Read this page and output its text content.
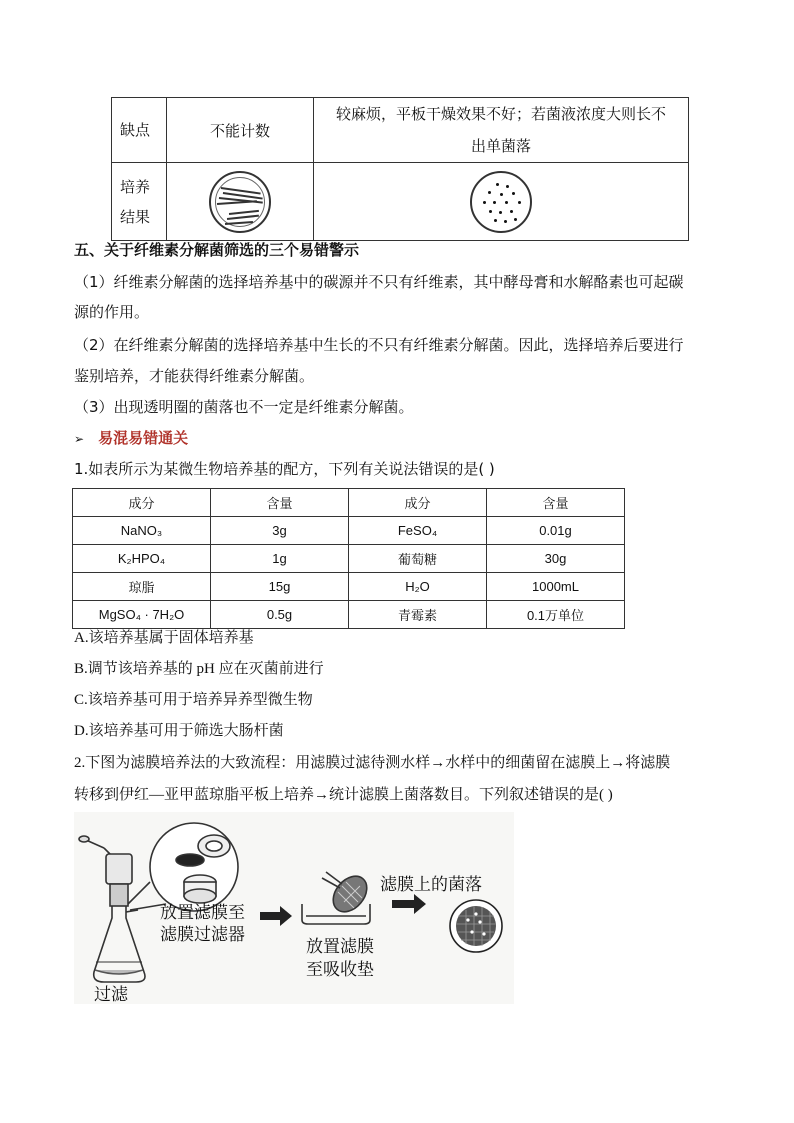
缺点	不能计数	较麻烦，平板干燥效果不好；若菌液浓度大则长不
出单菌落

培养
结果		

五、关于纤维素分解菌筛选的三个易错警示
（1）纤维素分解菌的选择培养基中的碳源并不只有纤维素，其中酵母膏和水解酪素也可起碳
源的作用。
（2）在纤维素分解菌的选择培养基中生长的不只有纤维素分解菌。因此，选择培养后要进行
鉴别培养，才能获得纤维素分解菌。
（3）出现透明圈的菌落也不一定是纤维素分解菌。
➢ 易混易错通关
1.如表所示为某微生物培养基的配方，下列有关说法错误的是( )
成分	含量	成分	含量
NaNO₃	3g	FeSO₄	0.01g
K₂HPO₄	1g	葡萄糖	30g
琼脂	15g	H₂O	1000mL
MgSO₄ · 7H₂O	0.5g	青霉素	0.1万单位
A.该培养基属于固体培养基
B.调节该培养基的 pH 应在灭菌前进行
C.该培养基可用于培养异养型微生物
D.该培养基可用于筛选大肠杆菌
2.下图为滤膜培养法的大致流程：用滤膜过滤待测水样→水样中的细菌留在滤膜上→将滤膜
转移到伊红—亚甲蓝琼脂平板上培养→统计滤膜上菌落数目。下列叙述错误的是( )
放置滤膜至
滤膜过滤器
过滤
放置滤膜
至吸收垫
滤膜上的菌落
